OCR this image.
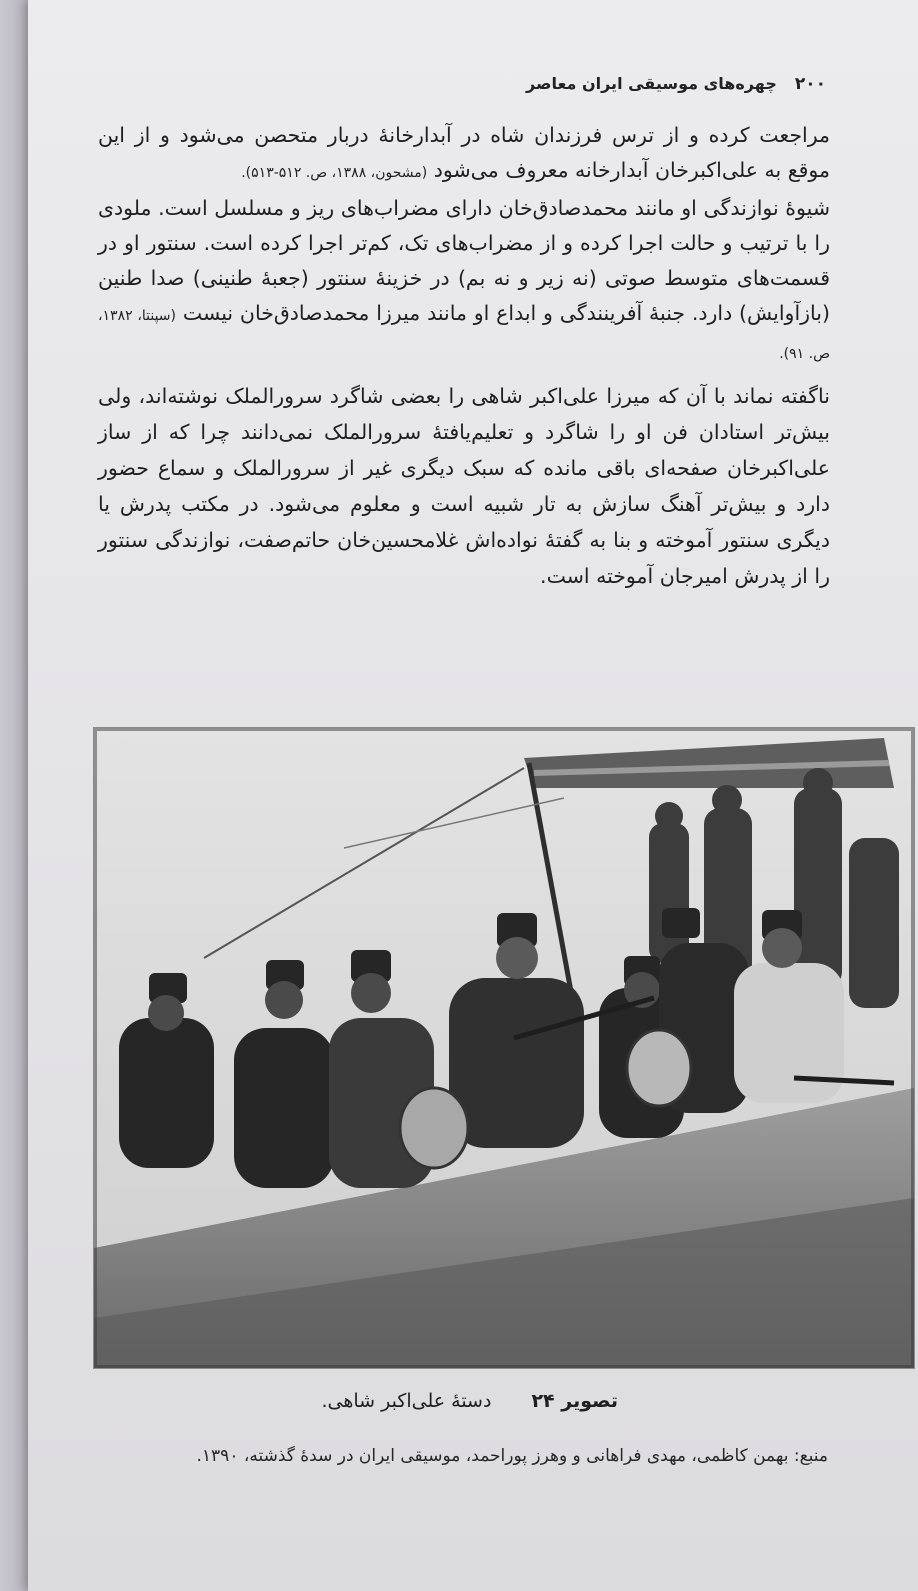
۲۰۰
چهره‌های موسیقی ایران معاصر

مراجعت کرده و از ترس فرزندان شاه در آبدارخانهٔ دربار متحصن می‌شود و از این موقع به علی‌اکبرخان آبدارخانه معروف می‌شود (مشحون، ۱۳۸۸، ص. ۵۱۲-۵۱۳).

شیوهٔ نوازندگی او مانند محمدصادق‌خان دارای مضراب‌های ریز و مسلسل است. ملودی را با ترتیب و حالت اجرا کرده و از مضراب‌های تک، کم‌تر اجرا کرده است. سنتور او در قسمت‌های متوسط صوتی (نه زیر و نه بم) در خزینهٔ سنتور (جعبهٔ طنینی) صدا طنین (بازآوایش) دارد. جنبهٔ آفرینندگی و ابداع او مانند میرزا محمدصادق‌خان نیست (سپنتا، ۱۳۸۲، ص. ۹۱).

ناگفته نماند با آن که میرزا علی‌اکبر شاهی را بعضی شاگرد سرورالملک نوشته‌اند، ولی بیش‌تر استادان فن او را شاگرد و تعلیم‌یافتهٔ سرورالملک نمی‌دانند چرا که از ساز علی‌اکبرخان صفحه‌ای باقی مانده که سبک دیگری غیر از سرورالملک و سماع حضور دارد و بیش‌تر آهنگ سازش به تار شبیه است و معلوم می‌شود. در مکتب پدرش یا دیگری سنتور آموخته و بنا به گفتهٔ نواده‌اش غلامحسین‌خان حاتم‌صفت، نوازندگی سنتور را از پدرش امیرجان آموخته است.

تصویر ۲۴
دستهٔ علی‌اکبر شاهی.
منبع: بهمن کاظمی، مهدی فراهانی و وهرز پوراحمد، موسیقی ایران در سدهٔ گذشته، ۱۳۹۰.
